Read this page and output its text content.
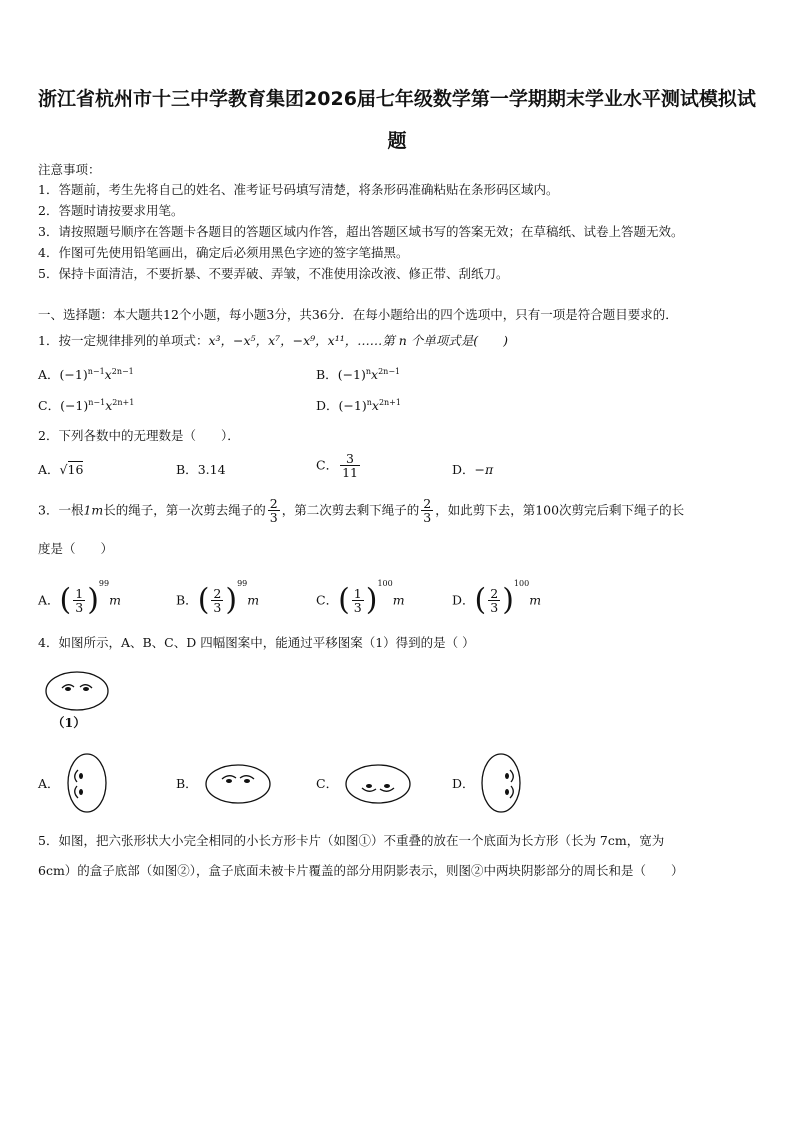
浙江省杭州市十三中学教育集团2026届七年级数学第一学期期末学业水平测试模拟试
题
注意事项：
1．答题前，考生先将自己的姓名、准考证号码填写清楚，将条形码准确粘贴在条形码区域内。
2．答题时请按要求用笔。
3．请按照题号顺序在答题卡各题目的答题区域内作答，超出答题区域书写的答案无效；在草稿纸、试卷上答题无效。
4．作图可先使用铅笔画出，确定后必须用黑色字迹的签字笔描黑。
5．保持卡面清洁，不要折暴、不要弄破、弄皱，不准使用涂改液、修正带、刮纸刀。
一、选择题：本大题共12个小题，每小题3分，共36分．在每小题给出的四个选项中，只有一项是符合题目要求的．
1．按一定规律排列的单项式：x³，−x⁵，x⁷，−x⁹，x¹¹，……第 n 个单项式是(　　)
A．$(-1)^{n-1}x^{2n-1}$	B．$(-1)^nx^{2n-1}$
C．$(-1)^{n-1}x^{2n+1}$	D．$(-1)^nx^{2n+1}$
2．下列各数中的无理数是（　　）．
A．√16	B．3.14	C． $\frac{3}{11}$	D．−π
3．一根1m长的绳子，第一次剪去绳子的 $\frac{2}{3}$ ，第二次剪去剩下绳子的 $\frac{2}{3}$ ，如此剪下去，第100次剪完后剩下绳子的长
度是（　　）
A．( $\frac{1}{3} )^{99}m$	B．( $\frac{2}{3} )^{99}m$	C．( $\frac{1}{3} )^{100}m$	D．( $\frac{2}{3} )^{100}m$
4．如图所示，A、B、C、D 四幅图案中，能通过平移图案（1）得到的是（ ）
（1）
A．	B．	C．	D．
5．如图，把六张形状大小完全相同的小长方形卡片（如图①）不重叠的放在一个底面为长方形（长为 7cm，宽为
6cm）的盒子底部（如图②），盒子底面未被卡片覆盖的部分用阴影表示，则图②中两块阴影部分的周长和是（　　）
